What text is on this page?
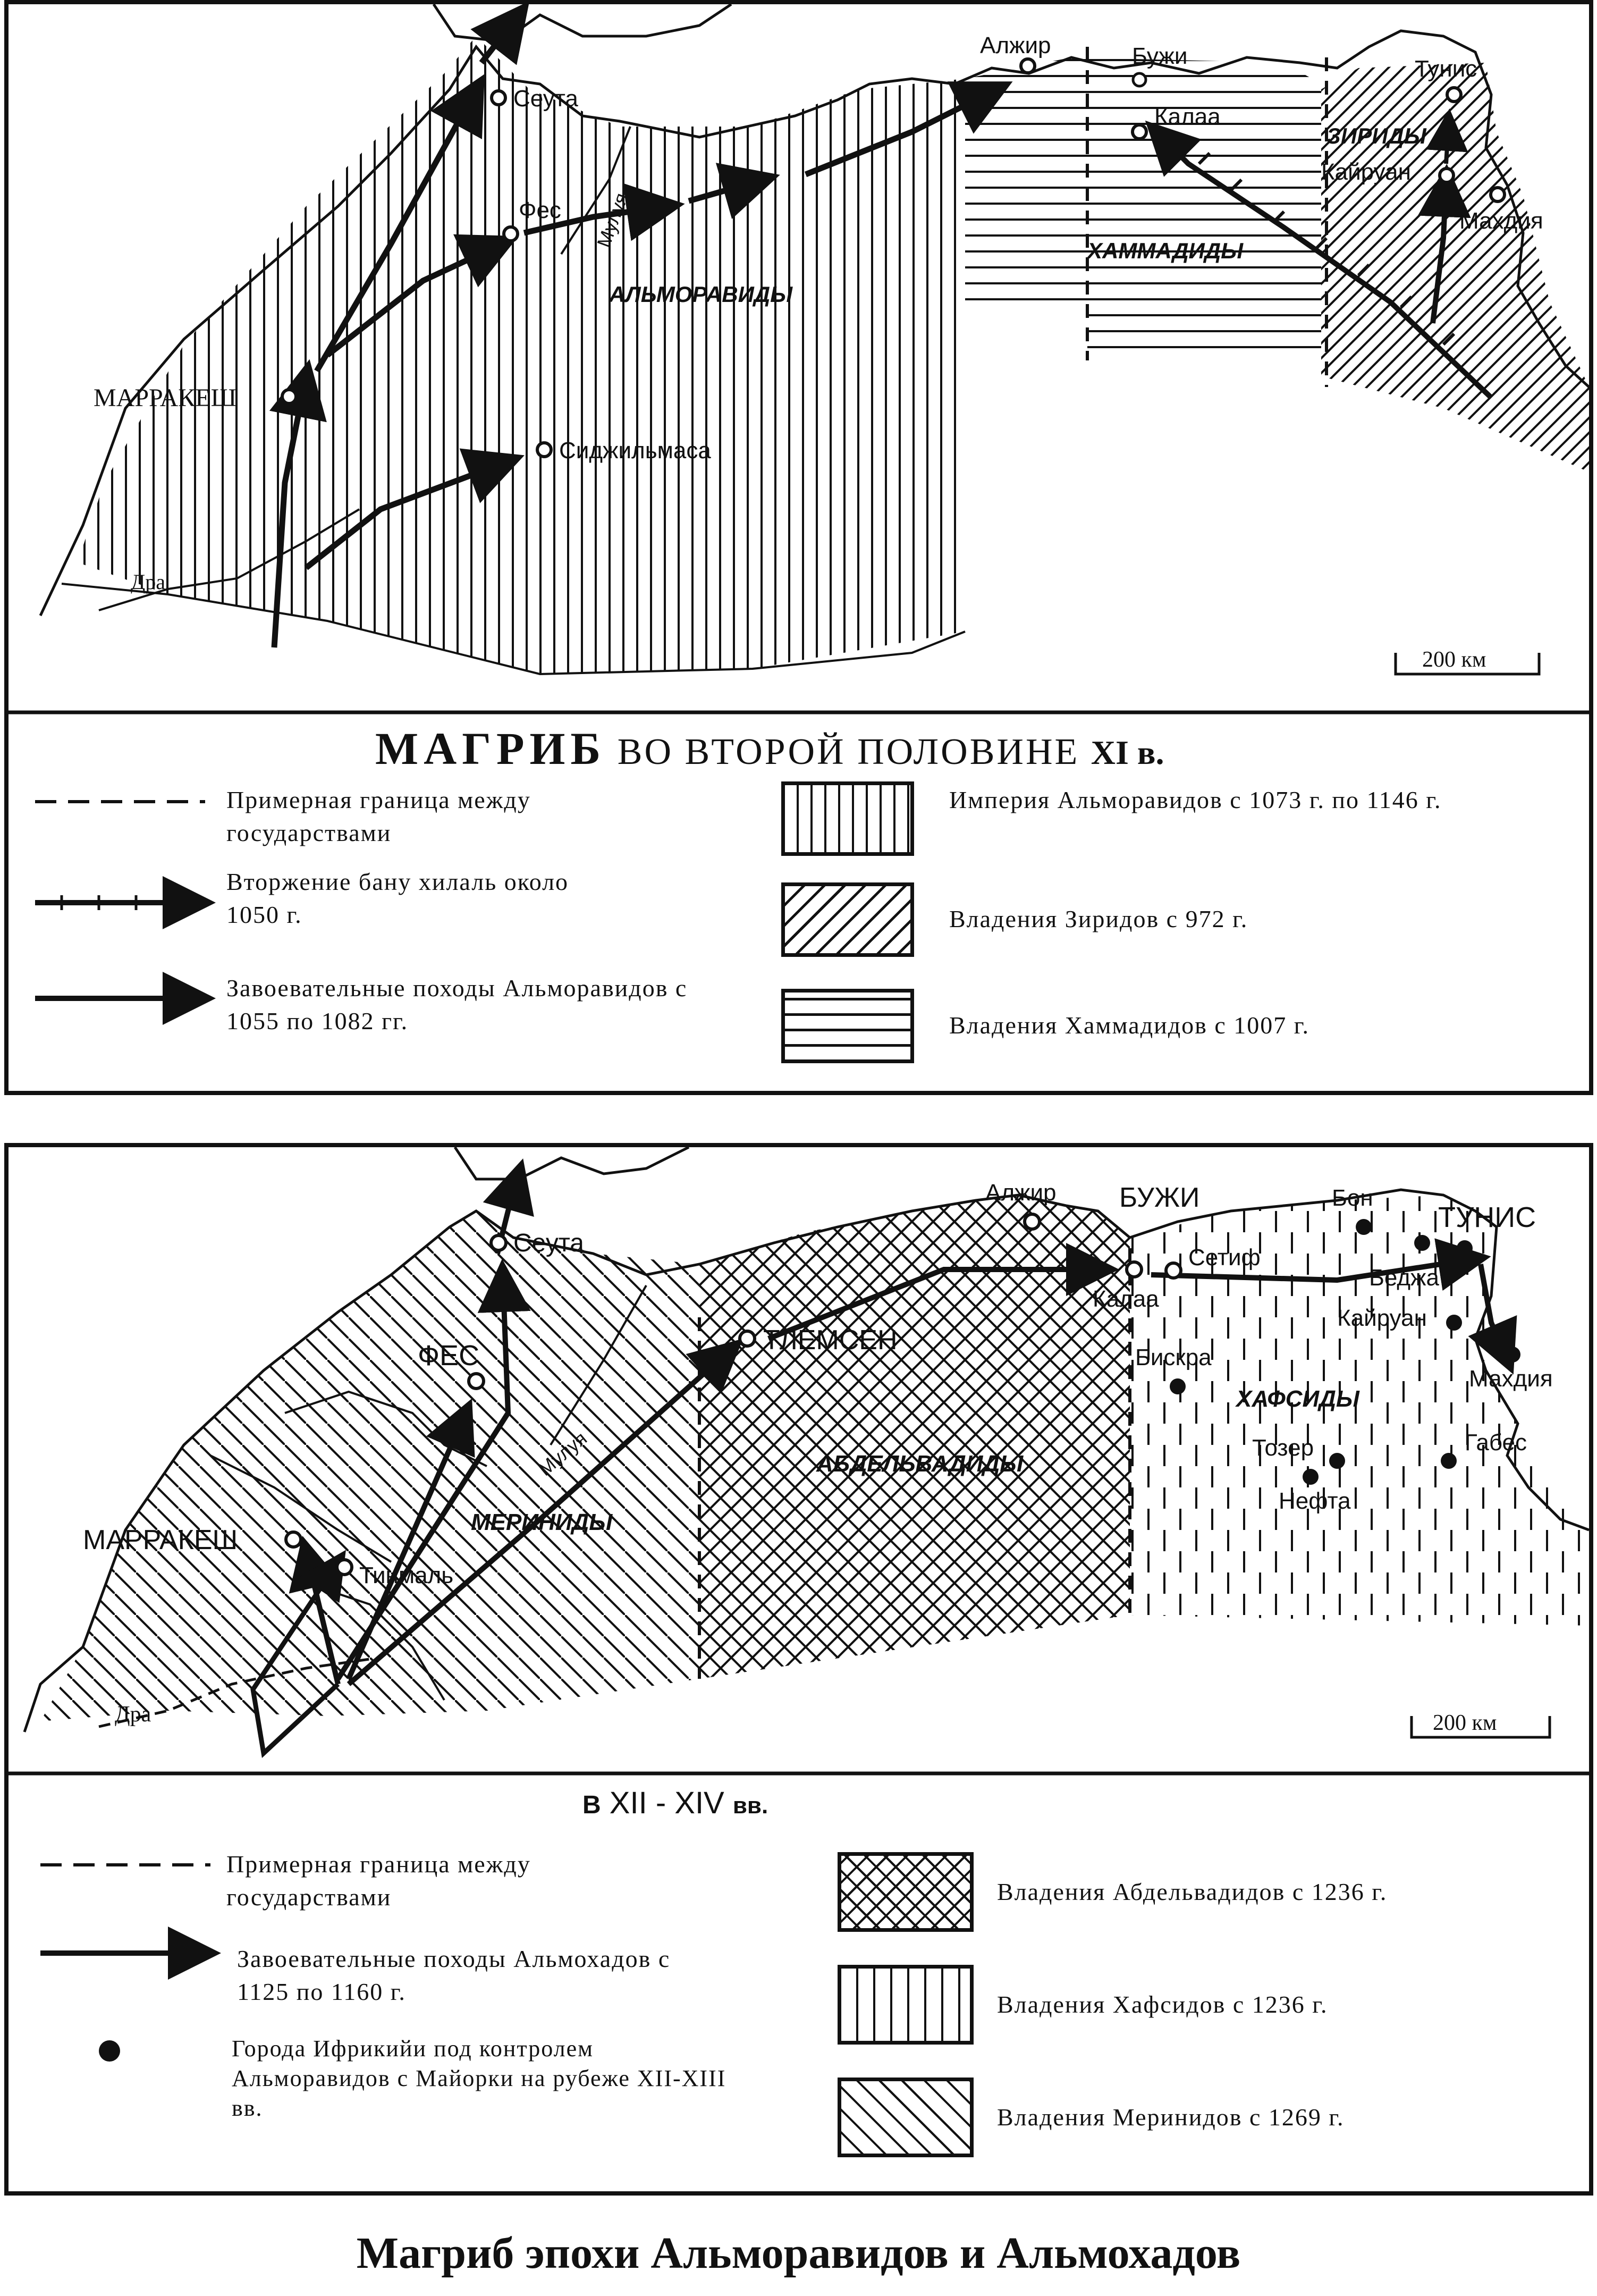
Сеута
Фес
МАРРАКЕШ
Сиджильмаса
Алжир	Бужи
Калаа
Тунис
Кайруан
Махдия
АЛЬМОРАВИДЫ
ХАММАДИДЫ
ЗИРИДЫ
Мулуя
Дра
200 км
МАГРИБ ВО ВТОРОЙ ПОЛОВИНЕ XI в.
Примерная граница между государствами
Вторжение бану хилаль около 1050 г.
Завоевательные походы Альморавидов с 1055 по 1082 гг.
Империя Альморавидов с 1073 г. по 1146 г.
Владения Зиридов с 972 г.
Владения Хаммадидов с 1007 г.
Сеута
ФЕС
МАРРАКЕШ
Тинмаль
ТЛЕМСЕН
Алжир
Калаа
Сетиф
БУЖИ	Бон
ТУНИС
Беджа
Кайруан
Махдия
Бискра
Тозер
Нефта
Габес
МЕРИНИДЫ
АБДЕЛЬВАДИДЫ
ХАФСИДЫ
Мулуя
Дра	200 км
В XII - XIV вв.
Примерная граница между государствами
Завоевательные походы Альмохадов с 1125 по 1160 г.
Города Ифрикийи под контролем Альморавидов с Майорки на рубеже XII-XIII вв.
Владения Абдельвадидов с 1236 г.
Владения Хафсидов с 1236 г.
Владения Меринидов с 1269 г.
Магриб эпохи Альморавидов и Альмохадов
